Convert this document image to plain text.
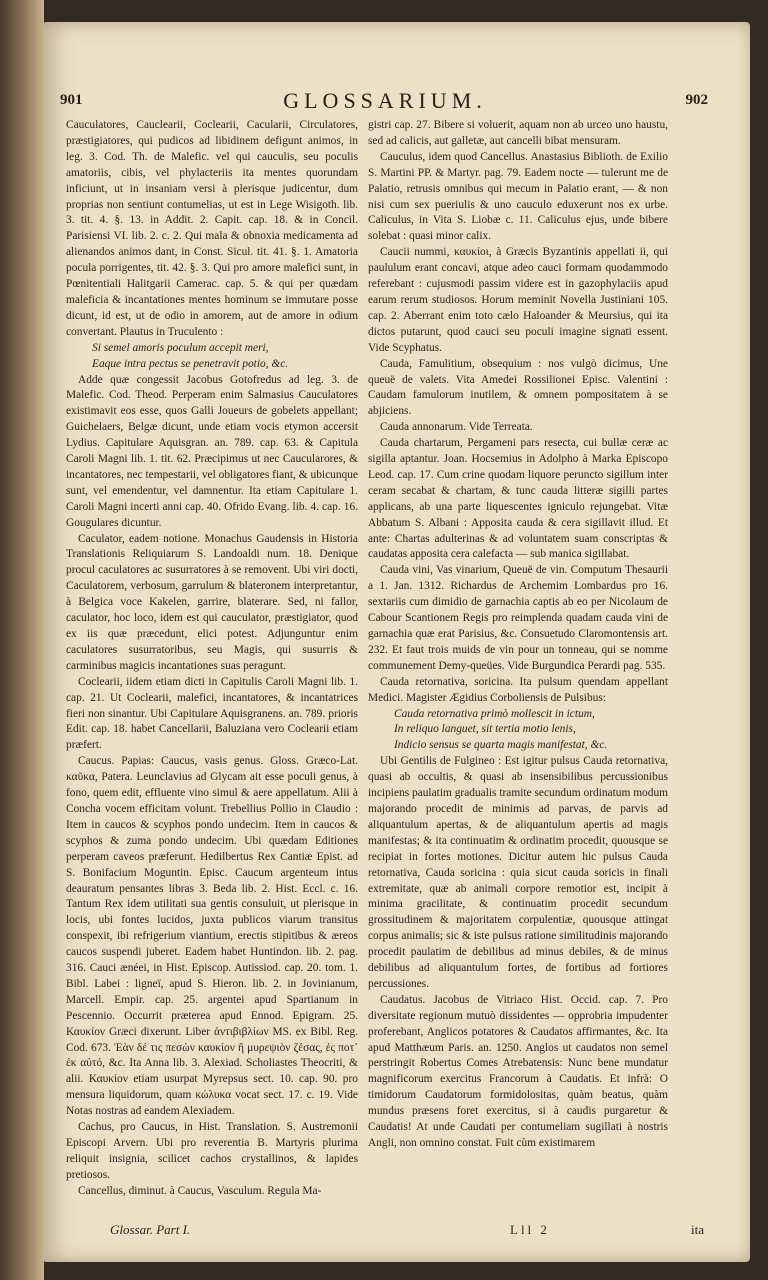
901	GLOSSARIUM.	902

Cauculatores, Cauclearii, Coclearii, Cacularii, Circulatores, præstigiatores, qui pudicos ad libidinem defigunt animos, in leg. 3. Cod. Th. de Malefic. vel qui cauculis, seu poculis amatoriis, cibis, vel phylacteriis ita mentes quorundam inficiunt, ut in insaniam versi à plerisque judicentur, dum proprias non sentiunt contumelias, ut est in Lege Wisigoth. lib. 3. tit. 4. §. 13. in Addit. 2. Capit. cap. 18. & in Concil. Parisiensi VI. lib. 2. c. 2. Qui mala & obnoxia medicamenta ad alienandos animos dant, in Const. Sicul. tit. 41. §. 1. Amatoria pocula porrigentes, tit. 42. §. 3. Qui pro amore malefici sunt, in Pœnitentiali Halitgarii Camerac. cap. 5. & qui per quædam maleficia & incantationes mentes hominum se immutare posse dicunt, id est, ut de odio in amorem, aut de amore in odium convertant. Plautus in Truculento :

Si semel amoris poculum accepit meri,

Eaque intra pectus se penetravit potio, &c.

Adde quæ congessit Jacobus Gotofredus ad leg. 3. de Malefic. Cod. Theod. Perperam enim Salmasius Cauculatores existimavit eos esse, quos Galli Joueurs de gobelets appellant; Guichelaers, Belgæ dicunt, unde etiam vocis etymon accersit Lydius. Capitulare Aquisgran. an. 789. cap. 63. & Capitula Caroli Magni lib. 1. tit. 62. Præcipimus ut nec Caucularores, & incantatores, nec tempestarii, vel obligatores fiant, & ubicunque sunt, vel emendentur, vel damnentur. Ita etiam Capitulare 1. Caroli Magni incerti anni cap. 40. Ofrido Evang. lib. 4. cap. 16. Gougulares dicuntur.

Caculator, eadem notione. Monachus Gaudensis in Historia Translationis Reliquiarum S. Landoaldi num. 18. Denique procul caculatores ac susurratores à se removent. Ubi viri docti, Caculatorem, verbosum, garrulum & blateronem interpretantur, à Belgica voce Kakelen, garrire, blaterare. Sed, ni fallor, caculator, hoc loco, idem est qui cauculator, præstigiator, quod ex iis quæ præcedunt, elici potest. Adjunguntur enim caculatores susurratoribus, seu Magis, qui susurris & carminibus magicis incantationes suas peragunt.

Coclearii, iidem etiam dicti in Capitulis Caroli Magni lib. 1. cap. 21. Ut Coclearii, malefici, incantatores, & incantatrices fieri non sinantur. Ubi Capitulare Aquisgranens. an. 789. prioris Edit. cap. 18. habet Cancellarii, Baluziana vero Coclearii etiam præfert.

Caucus. Papias: Caucus, vasis genus. Gloss. Græco-Lat. καῦκα, Patera. Leunclavius ad Glycam ait esse poculi genus, à fono, quem edit, effluente vino simul & aere appellatum. Alii à Concha vocem efficitam volunt. Trebellius Pollio in Claudio : Item in caucos & scyphos pondo undecim. Item in caucos & scyphos & zuma pondo undecim. Ubi quædam Editiones perperam caveos præferunt. Hedilbertus Rex Cantiæ Epist. ad S. Bonifacium Moguntin. Episc. Caucum argenteum intus deauratum pensantes libras 3. Beda lib. 2. Hist. Eccl. c. 16. Tantum Rex idem utilitati sua gentis consuluit, ut plerisque in locis, ubi fontes lucidos, juxta publicos viarum transitus conspexit, ibi refrigerium viantium, erectis stipitibus & æreos caucos suspendi juberet. Eadem habet Huntindon. lib. 2. pag. 316. Cauci ænéei, in Hist. Episcop. Autissiod. cap. 20. tom. 1. Bibl. Labei : ligneï, apud S. Hieron. lib. 2. in Jovinianum, Marcell. Empir. cap. 25. argentei apud Spartianum in Pescennio. Occurrit præterea apud Ennod. Epigram. 25. Καυκίον Græci dixerunt. Liber ἀντιβιβλίων MS. ex Bibl. Reg. Cod. 673. Ἐὰν δέ τις πεσὼν καυκίον ἢ μυρεψιὸν ζέσας, ἐς ποτ᾿ ἐκ αὐτό, &c. Ita Anna lib. 3. Alexiad. Scholiastes Theocriti, & alii. Καυκίον etiam usurpat Myrepsus sect. 10. cap. 90. pro mensura liquidorum, quam κώλυκα vocat sect. 17. c. 19. Vide Notas nostras ad eandem Alexiadem.

Cachus, pro Caucus, in Hist. Translation. S. Austremonii Episcopi Arvern. Ubi pro reverentia B. Martyris plurima reliquit insignia, scilicet cachos crystallinos, & lapides pretiosos.

Cancellus, diminut. à Caucus, Vasculum. Regula Ma-

gistri cap. 27. Bibere si voluerit, aquam non ab urceo uno haustu, sed ad calicis, aut galletæ, aut cancelli bibat mensuram.

Cauculus, idem quod Cancellus. Anastasius Biblioth. de Exilio S. Martini PP. & Martyr. pag. 79. Eadem nocte — tulerunt me de Palatio, retrusis omnibus qui mecum in Palatio erant, — & non nisi cum sex pueriulis & uno cauculo eduxerunt nos ex urbe. Caliculus, in Vita S. Liobæ c. 11. Caliculus ejus, unde bibere solebat : quasi minor calix.

Caucii nummi, καυκίοι, à Græcis Byzantinis appellati ii, qui paululum erant concavi, atque adeo cauci formam quodammodo referebant : cujusmodi passim videre est in gazophylaciis apud earum rerum studiosos. Horum meminit Novella Justiniani 105. cap. 2. Aberrant enim toto cælo Haloander & Meursius, qui ita dictos putarunt, quod cauci seu poculi imagine signati essent. Vide Scyphatus.

Cauda, Famulitium, obsequium : nos vulgò dicimus, Une queuë de valets. Vita Amedei Rossilionei Episc. Valentini : Caudam famulorum inutilem, & omnem pompositatem à se abjiciens.

Cauda annonarum. Vide Terreata.

Cauda chartarum, Pergameni pars resecta, cui bullæ ceræ ac sigilla aptantur. Joan. Hocsemius in Adolpho à Marka Episcopo Leod. cap. 17. Cum crine quodam liquore peruncto sigillum inter ceram secabat & chartam, & tunc cauda litteræ sigilli partes applicans, ab una parte liquescentes igniculo rejungebat. Vitæ Abbatum S. Albani : Apposita cauda & cera sigillavit illud. Et ante: Chartas adulterinas & ad voluntatem suam conscriptas & caudatas apposita cera calefacta — sub manica sigillabat.

Cauda vini, Vas vinarium, Queuë de vin. Computum Thesaurii a 1. Jan. 1312. Richardus de Archemim Lombardus pro 16. sextariis cum dimidio de garnachia captis ab eo per Nicolaum de Cabour Scantionem Regis pro reimplenda quadam cauda vini de garnachia quæ erat Parisius, &c. Consuetudo Claromontensis art. 232. Et faut trois muids de vin pour un tonneau, qui se nomme communement Demy-queües. Vide Burgundica Perardi pag. 535.

Cauda retornativa, soricina. Ita pulsum quendam appellant Medici. Magister Ægidius Corboliensis de Pulsibus:

Cauda retornativa primò mollescit in ictum,

In reliquo languet, sit tertia motio lenis,

Indicio sensus se quarta magis manifestat, &c.

Ubi Gentilis de Fulgineo : Est igitur pulsus Cauda retornativa, quasi ab occultis, & quasi ab insensibilibus percussionibus incipiens paulatim gradualis tramite secundum ordinatum modum majorando procedit de minimis ad parvas, de parvis ad aliquantulum apertas, & de aliquantulum apertis ad magis manifestas; & ita continuatim & ordinatim procedit, quousque se recipiat in fortes motiones. Dicitur autem hic pulsus Cauda retornativa, Cauda soricina : quia sicut cauda soricis in finali extremitate, quæ ab animali corpore remotior est, incipit à minima gracilitate, & continuatim procedit secundum grossitudinem & majoritatem corpulentiæ, quousque attingat corpus animalis; sic & iste pulsus ratione similitudinis majorando procedit paulatim de debilibus ad minus debiles, & de minus debilibus ad aliquantulum fortes, de fortibus ad fortiores percussiones.

Caudatus. Jacobus de Vitriaco Hist. Occid. cap. 7. Pro diversitate regionum mutuò dissidentes — opprobria impudenter proferebant, Anglicos potatores & Caudatos affirmantes, &c. Ita apud Matthæum Paris. an. 1250. Anglos ut caudatos non semel perstringit Robertus Comes Atrebatensis: Nunc bene mundatur magnificorum exercitus Francorum à Caudatis. Et infrà: O timidorum Caudatorum formidolositas, quàm beatus, quàm mundus præsens foret exercitus, si à caudis purgaretur & Caudatis! At unde Caudati per contumeliam sugillati à nostris Angli, non omnino constat. Fuit cùm existimarem

Glossar. Part I.	Lll 2	ita
